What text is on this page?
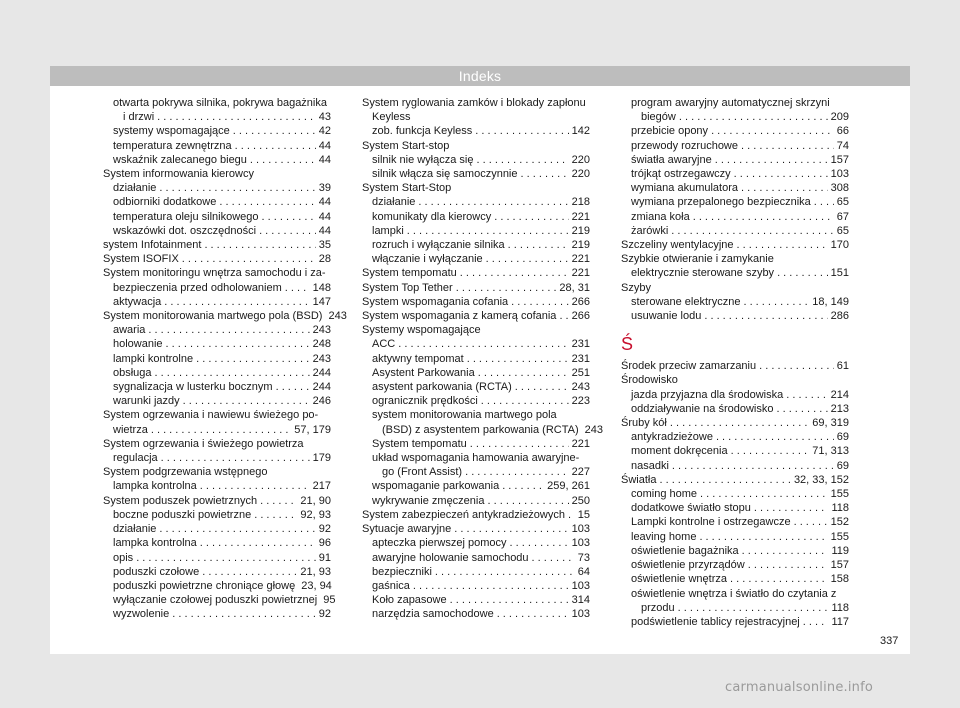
Indeks
otwarta pokrywa silnika, pokrywa bagażnika
i drzwi . . .	43
systemy wspomagające . . .	42
temperatura zewnętrzna . . .	44
wskaźnik zalecanego biegu . . .	44
System informowania kierowcy
działanie . . .	39
odbiorniki dodatkowe . . .	44
temperatura oleju silnikowego . . .	44
wskazówki dot. oszczędności . . .	44
system Infotainment . . .	35
System ISOFIX . . .	28
System monitoringu wnętrza samochodu i za-
bezpieczenia przed odholowaniem . . .	148
aktywacja . . .	147
System monitorowania martwego pola (BSD) 243
awaria . . .	243
holowanie . . .	248
lampki kontrolne . . .	243
obsługa . . .	244
sygnalizacja w lusterku bocznym . . .	244
warunki jazdy . . .	246
System ogrzewania i nawiewu świeżego po-
wietrza . . .	57, 179
System ogrzewania i świeżego powietrza
regulacja . . .	179
System podgrzewania wstępnego
lampka kontrolna . . .	217
System poduszek powietrznych . . .	21, 90
boczne poduszki powietrzne . . .	92, 93
działanie . . .	92
lampka kontrolna . . .	96
opis . . .	91
poduszki czołowe . . .	21, 93
poduszki powietrzne chroniące głowę 23, 94
wyłączanie czołowej poduszki powietrznej 95
wyzwolenie . . .	92
System ryglowania zamków i blokady zapłonu
Keyless
zob. funkcja Keyless . . .	142
System Start-stop
silnik nie wyłącza się . . .	220
silnik włącza się samoczynnie . . .	220
System Start-Stop
działanie . . .	218
komunikaty dla kierowcy . . .	221
lampki . . .	219
rozruch i wyłączanie silnika . . .	219
włączanie i wyłączanie . . .	221
System tempomatu . . .	221
System Top Tether . . .	28, 31
System wspomagania cofania . . .	266
System wspomagania z kamerą cofania . . . 266
Systemy wspomagające
ACC . . .	231
aktywny tempomat . . .	231
Asystent Parkowania . . .	251
asystent parkowania (RCTA) . . .	243
ogranicznik prędkości . . .	223
system monitorowania martwego pola
(BSD) z asystentem parkowania (RCTA) 243
System tempomatu . . .	221
układ wspomagania hamowania awaryjne-
go (Front Assist) . . .	227
wspomaganie parkowania . . .	259, 261
wykrywanie zmęczenia . . .	250
System zabezpieczeń antykradzieżowych . . . 15
Sytuacje awaryjne . . .	103
apteczka pierwszej pomocy . . .	103
awaryjne holowanie samochodu . . .	73
bezpieczniki . . .	64
gaśnica . . .	103
Koło zapasowe . . .	314
narzędzia samochodowe . . .	103
program awaryjny automatycznej skrzyni
biegów . . .	209
przebicie opony . . .	66
przewody rozruchowe . . .	74
światła awaryjne . . .	157
trójkąt ostrzegawczy . . .	103
wymiana akumulatora . . .	308
wymiana przepalonego bezpiecznika . . . 65
zmiana koła . . .	67
żarówki . . .	65
Szczeliny wentylacyjne . . .	170
Szybkie otwieranie i zamykanie
elektrycznie sterowane szyby . . .	151
Szyby
sterowane elektryczne . . .	18, 149
usuwanie lodu . . .	286
Ś
Środek przeciw zamarzaniu . . .	61
Środowisko
jazda przyjazna dla środowiska . . .	214
oddziaływanie na środowisko . . .	213
Śruby kół . . .	69, 319
antykradzieżowe . . .	69
moment dokręcenia . . .	71, 313
nasadki . . .	69
Światła . . .	32, 33, 152
coming home . . .	155
dodatkowe światło stopu . . .	118
Lampki kontrolne i ostrzegawcze . . .	152
leaving home . . .	155
oświetlenie bagażnika . . .	119
oświetlenie przyrządów . . .	157
oświetlenie wnętrza . . .	158
oświetlenie wnętrza i światło do czytania z
przodu . . .	118
podświetlenie tablicy rejestracyjnej . . .	117
337
carmanualsonline.info
